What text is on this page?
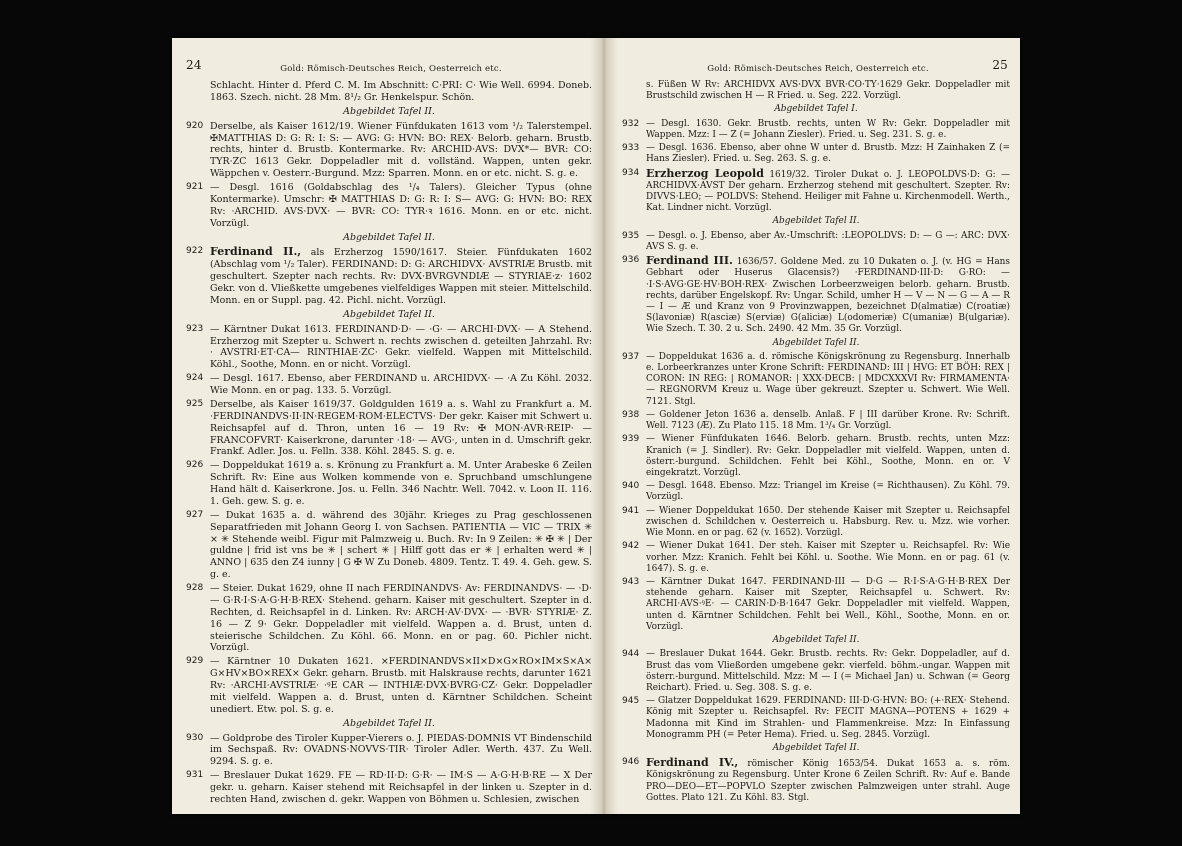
24	Gold: Römisch-Deutsches Reich, Oesterreich etc.
Schlacht. Hinter d. Pferd C. M. Im Abschnitt: C·PRI: C· Wie Well. 6994. Doneb. 1863. Szech. nicht. 28 Mm. 8¹/₂ Gr. Henkelspur. Schön.
Abgebildet Tafel II.
920 Derselbe, als Kaiser 1612/19. Wiener Fünfdukaten 1613 vom ¹/₂ Talerstempel. ✠MATTHIAS D: G: R: I: S: — AVG: G: HVN: BO: REX· Belorb. geharn. Brustb. rechts, hinter d. Brustb. Kontermarke. Rv: ARCHID·AVS: DVX*— BVR: CO: TYR·ZC 1613 Gekr. Doppeladler mit d. vollständ. Wappen, unten gekr. Wäppchen v. Oesterr.-Burgund. Mzz: Sparren. Monn. en or etc. nicht. S. g. e.
921 — Desgl. 1616 (Goldabschlag des ¹/₄ Talers). Gleicher Typus (ohne Kontermarke). Umschr: ✠ MATTHIAS D: G: R: I: S— AVG: G: HVN: BO: REX Rv: ·ARCHID. AVS·DVX· — BVR: CO: TYR·ꝛ 1616. Monn. en or etc. nicht. Vorzügl.
Abgebildet Tafel II.
922 Ferdinand II., als Erzherzog 1590/1617. Steier. Fünfdukaten 1602 (Abschlag vom ¹/₂ Taler). FERDINAND: D: G: ARCHIDVX· AVSTRIÆ Brustb. mit geschultert. Szepter nach rechts. Rv: DVX·BVRGVNDIÆ — STYRIAE·z· 1602 Gekr. von d. Vließkette umgebenes vielfeldiges Wappen mit steier. Mittelschild. Monn. en or Suppl. pag. 42. Pichl. nicht. Vorzügl.
Abgebildet Tafel II.
923 — Kärntner Dukat 1613. FERDINAND·D· — ·G· — ARCHI·DVX· — A Stehend. Erzherzog mit Szepter u. Schwert n. rechts zwischen d. geteilten Jahrzahl. Rv: · AVSTRI·ET·CA— RINTHIAE·ZC· Gekr. vielfeld. Wappen mit Mittelschild. Köhl., Soothe, Monn. en or nicht. Vorzügl.
924 — Desgl. 1617. Ebenso, aber FERDINAND u. ARCHIDVX· — ·A Zu Köhl. 2032. Wie Monn. en or pag. 133. 5. Vorzügl.
925 Derselbe, als Kaiser 1619/37. Goldgulden 1619 a. s. Wahl zu Frankfurt a. M. ·FERDINANDVS·II·IN·REGEM·ROM·ELECTVS· Der gekr. Kaiser mit Schwert u. Reichsapfel auf d. Thron, unten 16 — 19 Rv: ✠ MON·AVR·REIP· — FRANCOFVRT· Kaiserkrone, darunter ·18· — AVG·, unten in d. Umschrift gekr. Frankf. Adler. Jos. u. Felln. 338. Köhl. 2845. S. g. e.
926 — Doppeldukat 1619 a. s. Krönung zu Frankfurt a. M. Unter Arabeske 6 Zeilen Schrift. Rv: Eine aus Wolken kommende von e. Spruchband umschlungene Hand hält d. Kaiserkrone. Jos. u. Felln. 346 Nachtr. Well. 7042. v. Loon II. 116. 1. Geh. gew. S. g. e.
927 — Dukat 1635 a. d. während des 30jähr. Krieges zu Prag geschlossenen Separatfrieden mit Johann Georg I. von Sachsen. PATIENTIA — VIC — TRIX ✳ × ✳ Stehende weibl. Figur mit Palmzweig u. Buch. Rv: In 9 Zeilen: ✳ ✠ ✳ | Der guldne | frid ist vns be ✳ | schert ✳ | Hilff gott das er ✳ | erhalten werd ✳ | ANNO | 635 den Z4 iunny | G ✠ W Zu Doneb. 4809. Tentz. T. 49. 4. Geh. gew. S. g. e.
928 — Steier. Dukat 1629, ohne II nach FERDINANDVS· Av: FERDINANDVS· — ·D· — G·R·I·S·A·G·H·B·REX· Stehend. geharn. Kaiser mit geschultert. Szepter in d. Rechten, d. Reichsapfel in d. Linken. Rv: ARCH·AV·DVX· — ·BVR· STYRIÆ· Z. 16 — Z 9· Gekr. Doppeladler mit vielfeld. Wappen a. d. Brust, unten d. steierische Schildchen. Zu Köhl. 66. Monn. en or pag. 60. Pichler nicht. Vorzügl.
929 — Kärntner 10 Dukaten 1621. ×FERDINANDVS×II×D×G×RO×IM×S×A× G×HV×BO×REX× Gekr. geharn. Brustb. mit Halskrause rechts, darunter 1621 Rv: ·ARCHI·AVSTRIÆ· ·ꝰE CAR — INTHIÆ·DVX·BVRG·CZ· Gekr. Doppeladler mit vielfeld. Wappen a. d. Brust, unten d. Kärntner Schildchen. Scheint unediert. Etw. pol. S. g. e.
Abgebildet Tafel II.
930 — Goldprobe des Tiroler Kupper-Vierers o. J. PIEDAS·DOMNIS VT Bindenschild im Sechspaß. Rv: OVADNS·NOVVS·TIR· Tiroler Adler. Werth. 437. Zu Well. 9294. S. g. e.
931 — Breslauer Dukat 1629. FE — RD·II·D: G·R· — IM·S — A·G·H·B·RE — X Der gekr. u. geharn. Kaiser stehend mit Reichsapfel in der linken u. Szepter in d. rechten Hand, zwischen d. gekr. Wappen von Böhmen u. Schlesien, zwischen
Gold: Römisch-Deutsches Reich, Oesterreich etc.	25
s. Füßen W Rv: ARCHIDVX AVS·DVX BVR·CO·TY·1629 Gekr. Doppeladler mit Brustschild zwischen H — R Fried. u. Seg. 222. Vorzügl.
Abgebildet Tafel I.
932 — Desgl. 1630. Gekr. Brustb. rechts, unten W Rv: Gekr. Doppeladler mit Wappen. Mzz: I — Z (= Johann Ziesler). Fried. u. Seg. 231. S. g. e.
933 — Desgl. 1636. Ebenso, aber ohne W unter d. Brustb. Mzz: H Zainhaken Z (= Hans Ziesler). Fried. u. Seg. 263. S. g. e.
934 Erzherzog Leopold 1619/32. Tiroler Dukat o. J. LEOPOLDVS·D: G: — ARCHIDVX·AVST Der geharn. Erzherzog stehend mit geschultert. Szepter. Rv: DIVVS·LEO; — POLDVS: Stehend. Heiliger mit Fahne u. Kirchenmodell. Werth., Kat. Lindner nicht. Vorzügl.
Abgebildet Tafel II.
935 — Desgl. o. J. Ebenso, aber Av.-Umschrift: :LEOPOLDVS: D: — G —: ARC: DVX· AVS S. g. e.
936 Ferdinand III. 1636/57. Goldene Med. zu 10 Dukaten o. J. (v. HG = Hans Gebhart oder Huserus Glacensis?) ·FERDINAND·III·D: G·RO: — ·I·S·AVG·GE·HV·BOH·REX· Zwischen Lorbeerzweigen belorb. geharn. Brustb. rechts, darüber Engelskopf. Rv: Ungar. Schild, umher H — V — N — G — A — R — I — Æ und Kranz von 9 Provinzwappen, bezeichnet D(almatiæ) C(roatiæ) S(lavoniæ) R(asciæ) S(erviæ) G(aliciæ) L(odomeriæ) C(umaniæ) B(ulgariæ). Wie Szech. T. 30. 2 u. Sch. 2490. 42 Mm. 35 Gr. Vorzügl.
Abgebildet Tafel II.
937 — Doppeldukat 1636 a. d. römische Königskrönung zu Regensburg. Innerhalb e. Lorbeerkranzes unter Krone Schrift: FERDINAND: III | HVG: ET BÖH: REX | CORON: IN REG: | ROMANOR: | XXX·DECB: | MDCXXXVI Rv: FIRMAMENTA· — REGNORVM Kreuz u. Wage über gekreuzt. Szepter u. Schwert. Wie Well. 7121. Stgl.
938 — Goldener Jeton 1636 a. denselb. Anlaß. F | III darüber Krone. Rv: Schrift. Well. 7123 (Æ). Zu Plato 115. 18 Mm. 1³/₄ Gr. Vorzügl.
939 — Wiener Fünfdukaten 1646. Belorb. geharn. Brustb. rechts, unten Mzz: Kranich (= J. Sindler). Rv: Gekr. Doppeladler mit vielfeld. Wappen, unten d. österr.-burgund. Schildchen. Fehlt bei Köhl., Soothe, Monn. en or. V eingekratzt. Vorzügl.
940 — Desgl. 1648. Ebenso. Mzz: Triangel im Kreise (= Richthausen). Zu Köhl. 79. Vorzügl.
941 — Wiener Doppeldukat 1650. Der stehende Kaiser mit Szepter u. Reichsapfel zwischen d. Schildchen v. Oesterreich u. Habsburg. Rev. u. Mzz. wie vorher. Wie Monn. en or pag. 62 (v. 1652). Vorzügl.
942 — Wiener Dukat 1641. Der steh. Kaiser mit Szepter u. Reichsapfel. Rv: Wie vorher. Mzz: Kranich. Fehlt bei Köhl. u. Soothe. Wie Monn. en or pag. 61 (v. 1647). S. g. e.
943 — Kärntner Dukat 1647. FERDINAND·III — D·G — R·I·S·A·G·H·B·REX Der stehende geharn. Kaiser mit Szepter, Reichsapfel u. Schwert. Rv: ARCHI·AVS·ꝰE· — CARIN·D·B·1647 Gekr. Doppeladler mit vielfeld. Wappen, unten d. Kärntner Schildchen. Fehlt bei Well., Köhl., Soothe, Monn. en or. Vorzügl.
Abgebildet Tafel II.
944 — Breslauer Dukat 1644. Gekr. Brustb. rechts. Rv: Gekr. Doppeladler, auf d. Brust das vom Vließorden umgebene gekr. vierfeld. böhm.-ungar. Wappen mit österr.-burgund. Mittelschild. Mzz: M — I (= Michael Jan) u. Schwan (= Georg Reichart). Fried. u. Seg. 308. S. g. e.
945 — Glatzer Doppeldukat 1629. FERDINAND: III·D·G·HVN: BO: (+·REX· Stehend. König mit Szepter u. Reichsapfel. Rv: FECIT MAGNA—POTENS + 1629 + Madonna mit Kind im Strahlen- und Flammenkreise. Mzz: In Einfassung Monogramm PH (= Peter Hema). Fried. u. Seg. 2845. Vorzügl.
Abgebildet Tafel II.
946 Ferdinand IV., römischer König 1653/54. Dukat 1653 a. s. röm. Königskrönung zu Regensburg. Unter Krone 6 Zeilen Schrift. Rv: Auf e. Bande PRO—DEO—ET—POPVLO Szepter zwischen Palmzweigen unter strahl. Auge Gottes. Plato 121. Zu Köhl. 83. Stgl.
